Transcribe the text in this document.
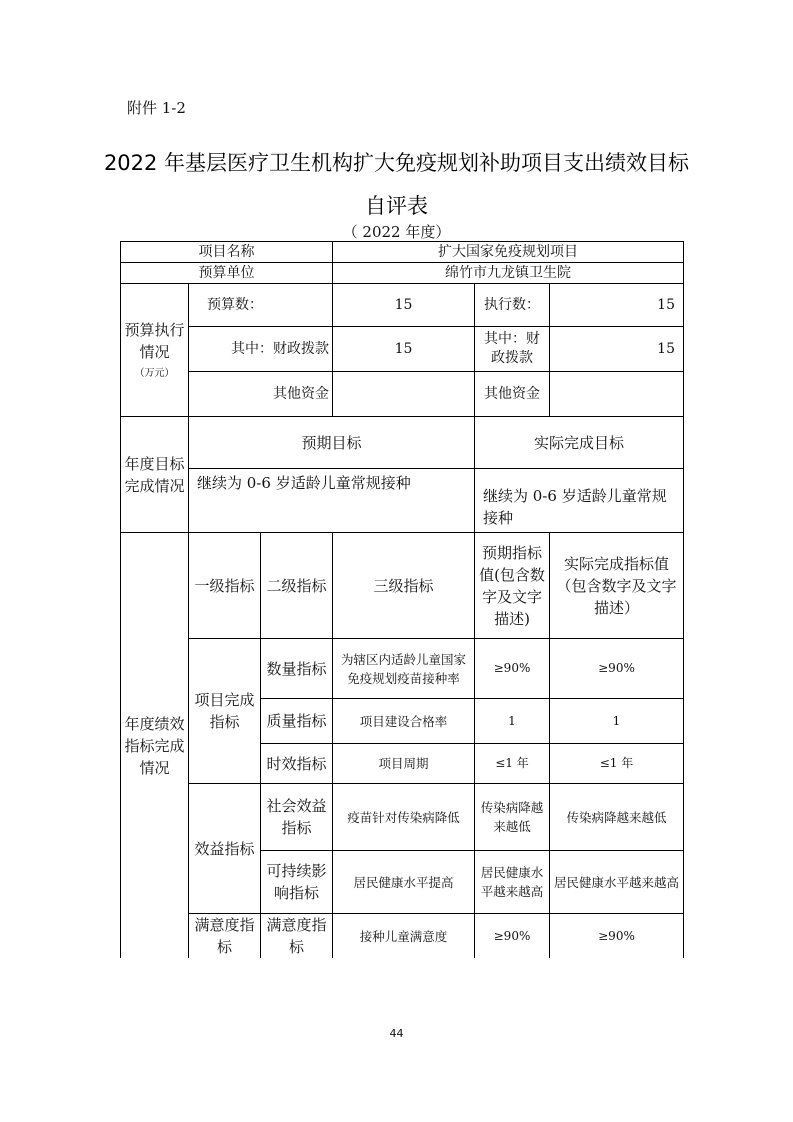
附件 1-2
2022 年基层医疗卫生机构扩大免疫规划补助项目支出绩效目标
自评表
（ 2022 年度）
项目名称			扩大国家免疫规划项目		
预算单位			绵竹市九龙镇卫生院		
预算执行情况
（万元）	预算数：		15	执行数：	15
	其中：财政拨款		15	其中：财政拨款	15
	其他资金			其他资金	
年度目标完成情况	预期目标			实际完成目标	
	继续为 0-6 岁适龄儿童常规接种			继续为 0-6 岁适龄儿童常规接种	
年度绩效指标完成情况	一级指标	二级指标	三级指标	预期指标值(包含数字及文字描述)	实际完成指标值（包含数字及文字描述）
	项目完成指标	数量指标	为辖区内适龄儿童国家免疫规划疫苗接种率	≥90%	≥90%
		质量指标	项目建设合格率	1	1
		时效指标	项目周期	≤1 年	≤1 年
	效益指标	社会效益指标	疫苗针对传染病降低	传染病降越来越低	传染病降越来越低
		可持续影响指标	居民健康水平提高	居民健康水平越来越高	居民健康水平越来越高
	满意度指标	满意度指标	接种儿童满意度	≥90%	≥90%
44
